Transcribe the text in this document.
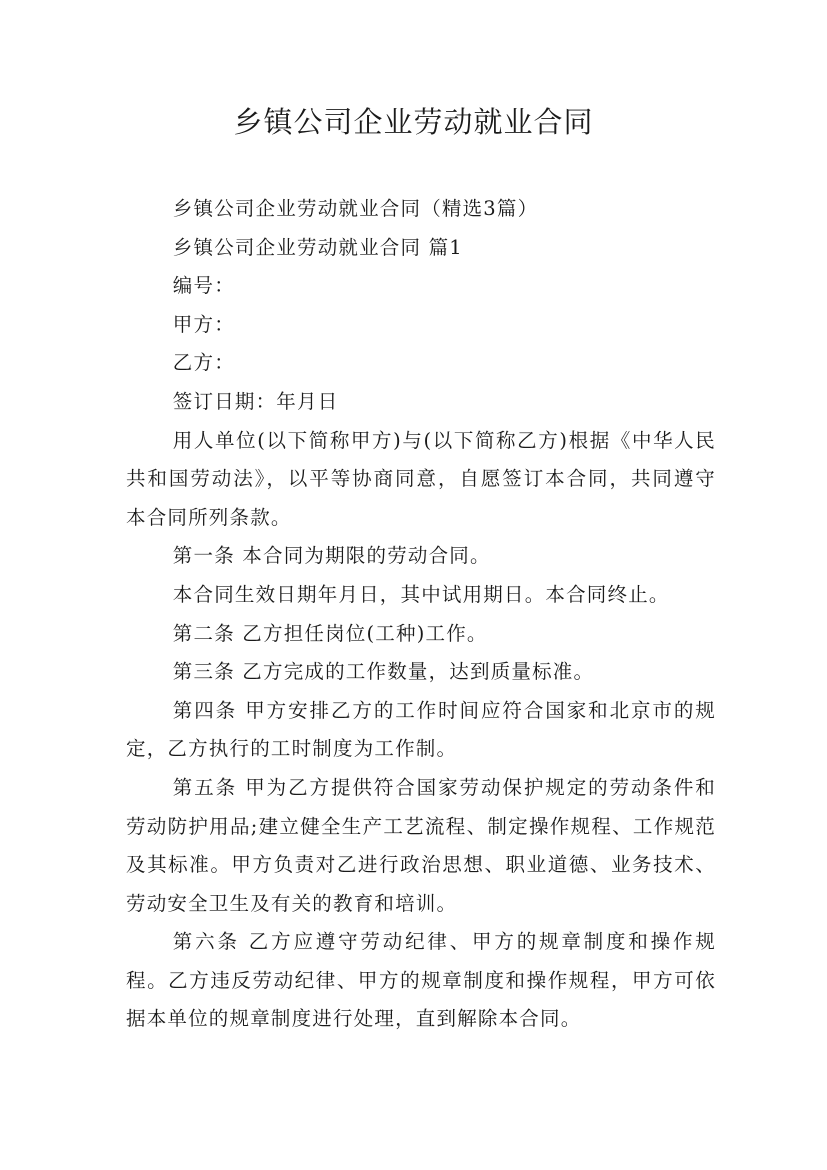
乡镇公司企业劳动就业合同

乡镇公司企业劳动就业合同（精选3篇）

乡镇公司企业劳动就业合同 篇1

编号：

甲方：

乙方：

签订日期：年月日

用人单位(以下简称甲方)与(以下简称乙方)根据《中华人民共和国劳动法》，以平等协商同意，自愿签订本合同，共同遵守本合同所列条款。

第一条 本合同为期限的劳动合同。

本合同生效日期年月日，其中试用期日。本合同终止。

第二条 乙方担任岗位(工种)工作。

第三条 乙方完成的工作数量，达到质量标准。

第四条 甲方安排乙方的工作时间应符合国家和北京市的规定，乙方执行的工时制度为工作制。

第五条 甲为乙方提供符合国家劳动保护规定的劳动条件和劳动防护用品;建立健全生产工艺流程、制定操作规程、工作规范及其标准。甲方负责对乙进行政治思想、职业道德、业务技术、劳动安全卫生及有关的教育和培训。

第六条 乙方应遵守劳动纪律、甲方的规章制度和操作规程。乙方违反劳动纪律、甲方的规章制度和操作规程，甲方可依据本单位的规章制度进行处理，直到解除本合同。
